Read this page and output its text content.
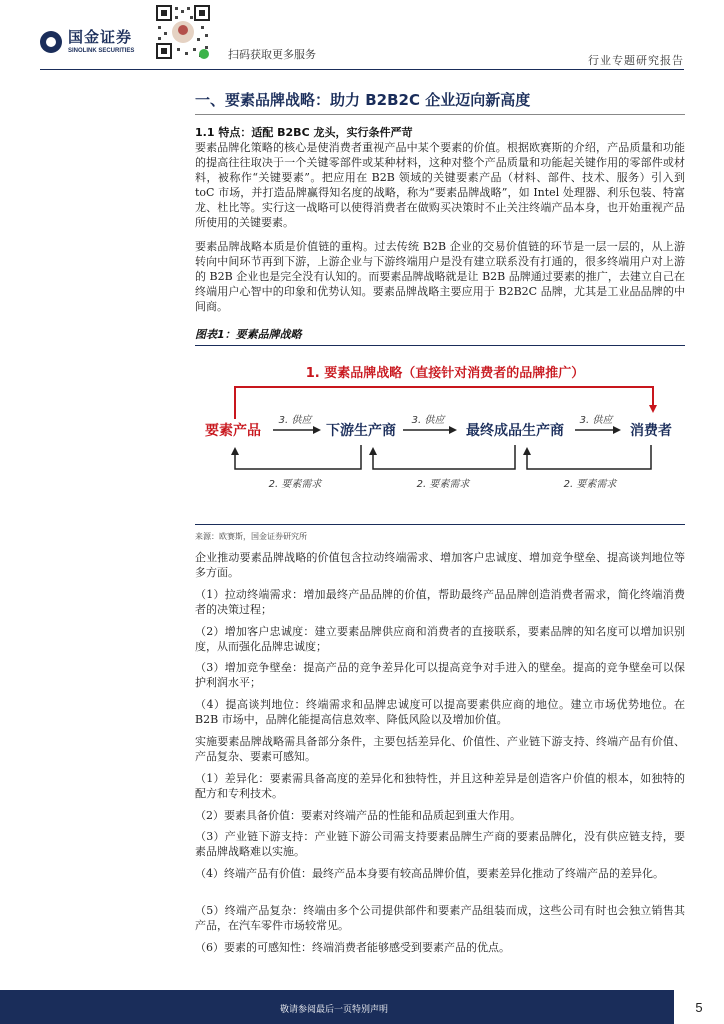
国金证券
SINOLINK SECURITIES	扫码获取更多服务	行业专题研究报告
一、要素品牌战略：助力 B2B2C 企业迈向新高度
1.1 特点：适配 B2BC 龙头，实行条件严苛

要素品牌化策略的核心是使消费者重视产品中某个要素的价值。根据欧赛斯的介绍，产品质量和功能的提高往往取决于一个关键零部件或某种材料，这种对整个产品质量和功能起关键作用的零部件或材料，被称作“关键要素”。把应用在 B2B 领域的关键要素产品（材料、部件、技术、服务）引入到 toC 市场，并打造品牌赢得知名度的战略，称为“要素品牌战略”，如 Intel 处理器、利乐包装、特富龙、杜比等。实行这一战略可以使得消费者在做购买决策时不止关注终端产品本身，也开始重视产品所使用的关键要素。

要素品牌战略本质是价值链的重构。过去传统 B2B 企业的交易价值链的环节是一层一层的，从上游转向中间环节再到下游，上游企业与下游终端用户是没有建立联系没有打通的，很多终端用户对上游的 B2B 企业也是完全没有认知的。而要素品牌战略就是让 B2B 品牌通过要素的推广，去建立自己在终端用户心智中的印象和优势认知。要素品牌战略主要应用于 B2B2C 品牌，尤其是工业品品牌的中间商。

图表1：要素品牌战略
1. 要素品牌战略（直接针对消费者的品牌推广）
要素产品	下游生产商	最终成品生产商	消费者
3. 供应	3. 供应	3. 供应
2. 要素需求	2. 要素需求	2. 要素需求
来源：欧赛斯，国金证券研究所

企业推动要素品牌战略的价值包含拉动终端需求、增加客户忠诚度、增加竞争壁垒、提高谈判地位等多方面。

（1）拉动终端需求：增加最终产品品牌的价值，帮助最终产品品牌创造消费者需求，简化终端消费者的决策过程；

（2）增加客户忠诚度：建立要素品牌供应商和消费者的直接联系，要素品牌的知名度可以增加识别度，从而强化品牌忠诚度；

（3）增加竞争壁垒：提高产品的竞争差异化可以提高竞争对手进入的壁垒。提高的竞争壁垒可以保护利润水平；

（4）提高谈判地位：终端需求和品牌忠诚度可以提高要素供应商的地位。建立市场优势地位。在 B2B 市场中，品牌化能提高信息效率、降低风险以及增加价值。

实施要素品牌战略需具备部分条件，主要包括差异化、价值性、产业链下游支持、终端产品有价值、产品复杂、要素可感知。

（1）差异化：要素需具备高度的差异化和独特性，并且这种差异是创造客户价值的根本，如独特的配方和专利技术。

（2）要素具备价值：要素对终端产品的性能和品质起到重大作用。

（3）产业链下游支持：产业链下游公司需支持要素品牌生产商的要素品牌化，没有供应链支持，要素品牌战略难以实施。

（4）终端产品有价值：最终产品本身要有较高品牌价值，要素差异化推动了终端产品的差异化。

（5）终端产品复杂：终端由多个公司提供部件和要素产品组装而成，这些公司有时也会独立销售其产品，在汽车零件市场较常见。

（6）要素的可感知性：终端消费者能够感受到要素产品的优点。

敬请参阅最后一页特别声明	5
